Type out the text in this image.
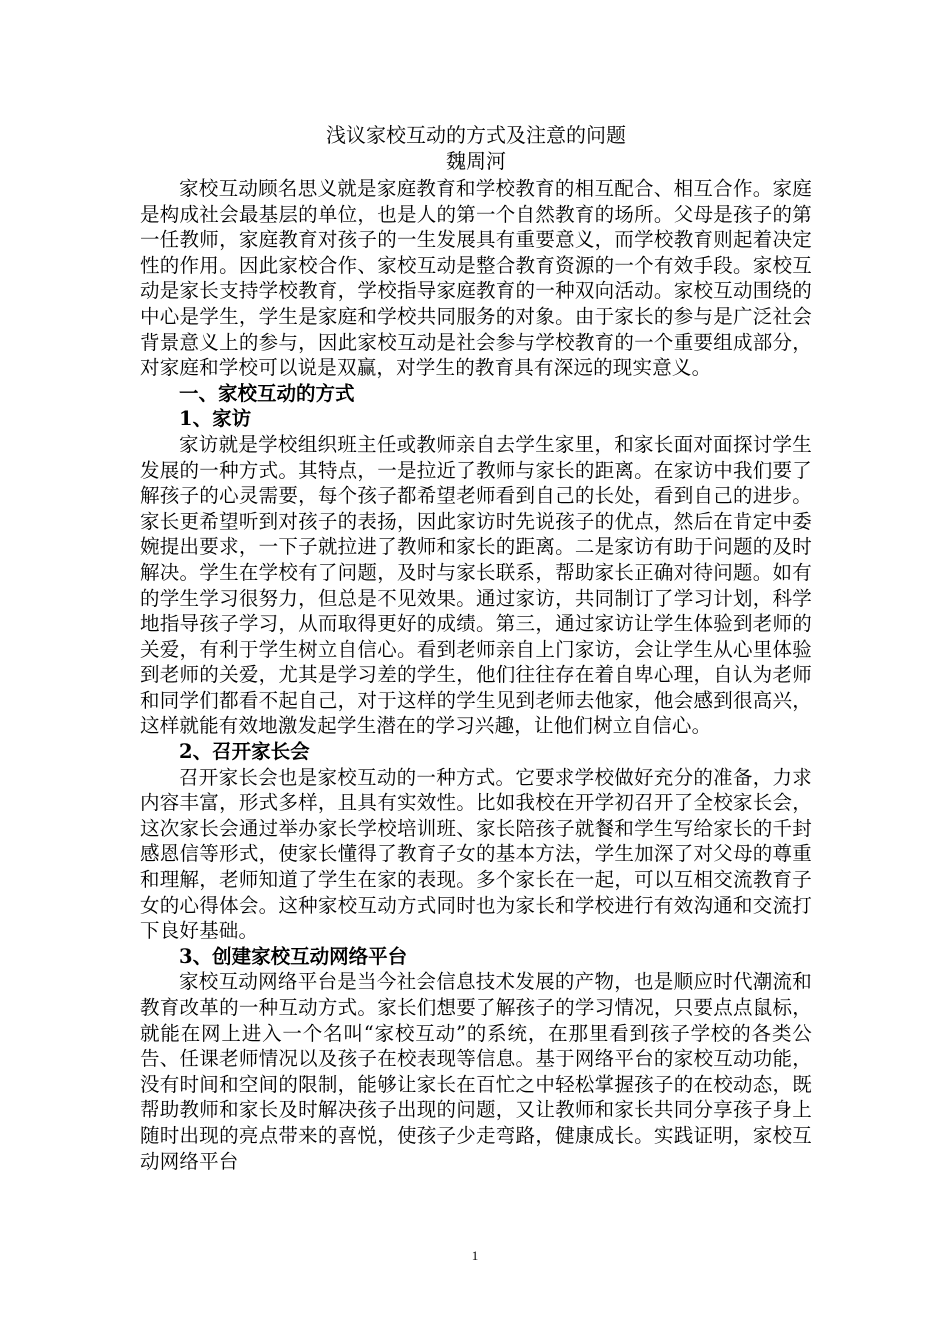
浅议家校互动的方式及注意的问题

魏周河

家校互动顾名思义就是家庭教育和学校教育的相互配合、相互合作。家庭是构成社会最基层的单位，也是人的第一个自然教育的场所。父母是孩子的第一任教师，家庭教育对孩子的一生发展具有重要意义，而学校教育则起着决定性的作用。因此家校合作、家校互动是整合教育资源的一个有效手段。家校互动是家长支持学校教育，学校指导家庭教育的一种双向活动。家校互动围绕的中心是学生，学生是家庭和学校共同服务的对象。由于家长的参与是广泛社会背景意义上的参与，因此家校互动是社会参与学校教育的一个重要组成部分，对家庭和学校可以说是双赢，对学生的教育具有深远的现实意义。

一、家校互动的方式

1、家访

家访就是学校组织班主任或教师亲自去学生家里，和家长面对面探讨学生发展的一种方式。其特点，一是拉近了教师与家长的距离。在家访中我们要了解孩子的心灵需要，每个孩子都希望老师看到自己的长处，看到自己的进步。家长更希望听到对孩子的表扬，因此家访时先说孩子的优点，然后在肯定中委婉提出要求，一下子就拉进了教师和家长的距离。二是家访有助于问题的及时解决。学生在学校有了问题，及时与家长联系，帮助家长正确对待问题。如有的学生学习很努力，但总是不见效果。通过家访，共同制订了学习计划，科学地指导孩子学习，从而取得更好的成绩。第三，通过家访让学生体验到老师的关爱，有利于学生树立自信心。看到老师亲自上门家访，会让学生从心里体验到老师的关爱，尤其是学习差的学生，他们往往存在着自卑心理，自认为老师和同学们都看不起自己，对于这样的学生见到老师去他家，他会感到很高兴，这样就能有效地激发起学生潜在的学习兴趣，让他们树立自信心。

2、召开家长会

召开家长会也是家校互动的一种方式。它要求学校做好充分的准备，力求内容丰富，形式多样，且具有实效性。比如我校在开学初召开了全校家长会，这次家长会通过举办家长学校培训班、家长陪孩子就餐和学生写给家长的千封感恩信等形式，使家长懂得了教育子女的基本方法，学生加深了对父母的尊重和理解，老师知道了学生在家的表现。多个家长在一起，可以互相交流教育子女的心得体会。这种家校互动方式同时也为家长和学校进行有效沟通和交流打下良好基础。

3、创建家校互动网络平台

家校互动网络平台是当今社会信息技术发展的产物，也是顺应时代潮流和教育改革的一种互动方式。家长们想要了解孩子的学习情况，只要点点鼠标，就能在网上进入一个名叫“家校互动”的系统，在那里看到孩子学校的各类公告、任课老师情况以及孩子在校表现等信息。基于网络平台的家校互动功能，没有时间和空间的限制，能够让家长在百忙之中轻松掌握孩子的在校动态，既帮助教师和家长及时解决孩子出现的问题，又让教师和家长共同分享孩子身上随时出现的亮点带来的喜悦，使孩子少走弯路，健康成长。实践证明，家校互动网络平台

1
